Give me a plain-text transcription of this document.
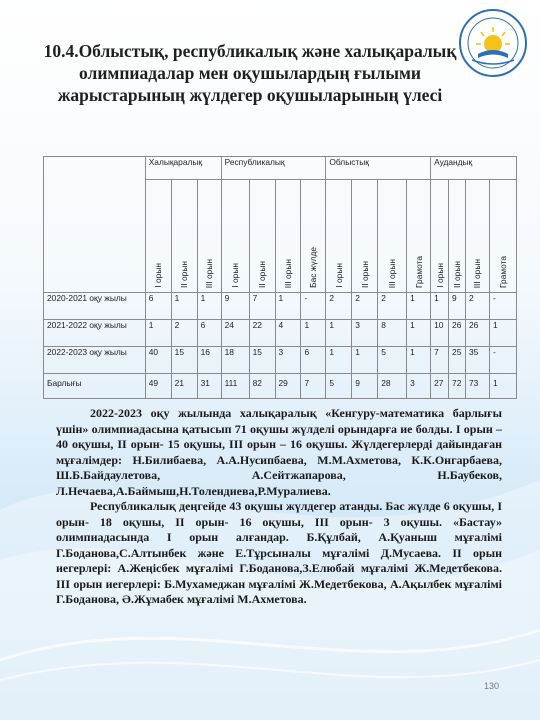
10.4.Облыстық, республикалық және халықаралық олимпиадалар мен оқушылардың ғылыми жарыстарының жүлдегер оқушыларының үлесі
	Халықаралық			Республикалық				Облыстық				Аудандық			

	І орын	ІІ орын	ІІІ орын	І орын	ІІ орын	ІІІ орын	Бас жүлде	І орын	ІІ орын	ІІІ орын	Грамота	І орын	ІІ орын	ІІІ орын	Грамота

2020-2021 оқу жылы	6	1	1	9	7	1	-	2	2	2	1	1	9	2	-
2021-2022 оқу жылы	1	2	6	24	22	4	1	1	3	8	1	10	26	26	1
2022-2023 оқу жылы	40	15	16	18	15	3	6	1	1	5	1	7	25	35	-
Барлығы	49	21	31	111	82	29	7	5	9	28	3	27	72	73	1

2022-2023 оқу жылында халықаралық «Кенгуру-математика барлығы үшін» олимпиадасына қатысып 71 оқушы жүлделі орындарға ие болды. І орын – 40 оқушы, ІІ орын- 15 оқушы, ІІІ орын – 16 оқушы. Жүлдегерлерді дайындаған мұғалімдер: Н.Билибаева, А.А.Нусипбаева, М.М.Ахметова, К.К.Онгарбаева, Ш.Б.Байдаулетова, А.Сейтжапарова, Н.Баубеков, Л.Нечаева,А.Баймыш,Н.Толендиева,Р.Муралиева.

Республикалық деңгейде 43 оқушы жүлдегер атанды. Бас жүлде 6 оқушы, І орын- 18 оқушы, ІІ орын- 16 оқушы, ІІІ орын- 3 оқушы. «Бастау» олимпиадасында І орын алғандар. Б.Құлбай, А.Қуаныш мұғалімі Г.Боданова,С.Алтынбек және Е.Тұрсыналы мұғалімі Д.Мусаева. ІІ орын иегерлері: А.Жеңісбек мұғалімі Г.Боданова,З.Елюбай мұғалімі Ж.Медетбекова. ІІІ орын иегерлері: Б.Мухамеджан мұғалімі Ж.Медетбекова, А.Ақылбек мұғалімі Г.Боданова, Ә.Жұмабек мұғалімі М.Ахметова.

130
